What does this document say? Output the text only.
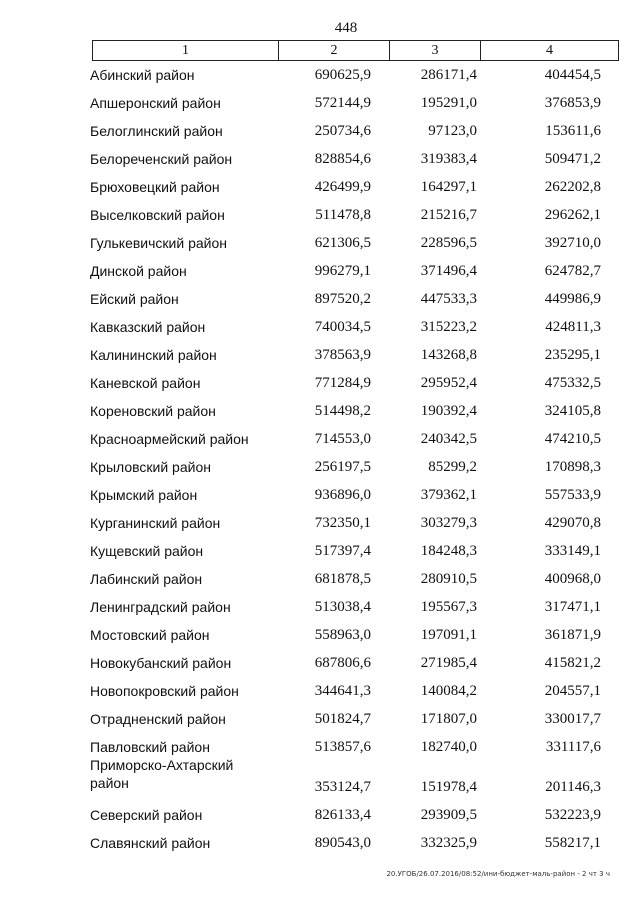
448
1	2	3	4
Абинский район	690625,9	286171,4	404454,5
Апшеронский район	572144,9	195291,0	376853,9
Белоглинский район	250734,6	97123,0	153611,6
Белореченский район	828854,6	319383,4	509471,2
Брюховецкий район	426499,9	164297,1	262202,8
Выселковский район	511478,8	215216,7	296262,1
Гулькевичский район	621306,5	228596,5	392710,0
Динской район	996279,1	371496,4	624782,7
Ейский район	897520,2	447533,3	449986,9
Кавказский район	740034,5	315223,2	424811,3
Калининский район	378563,9	143268,8	235295,1
Каневской район	771284,9	295952,4	475332,5
Кореновский район	514498,2	190392,4	324105,8
Красноармейский район	714553,0	240342,5	474210,5
Крыловский район	256197,5	85299,2	170898,3
Крымский район	936896,0	379362,1	557533,9
Курганинский район	732350,1	303279,3	429070,8
Кущевский район	517397,4	184248,3	333149,1
Лабинский район	681878,5	280910,5	400968,0
Ленинградский район	513038,4	195567,3	317471,1
Мостовский район	558963,0	197091,1	361871,9
Новокубанский район	687806,6	271985,4	415821,2
Новопокровский район	344641,3	140084,2	204557,1
Отрадненский район	501824,7	171807,0	330017,7
Павловский район	513857,6	182740,0	331117,6
Приморско-Ахтарский район	353124,7	151978,4	201146,3
Северский район	826133,4	293909,5	532223,9
Славянский район	890543,0	332325,9	558217,1
20.УГОБ/26.07.2016/08:52/ини-бюджет-маль-район - 2 чт 3 ч
